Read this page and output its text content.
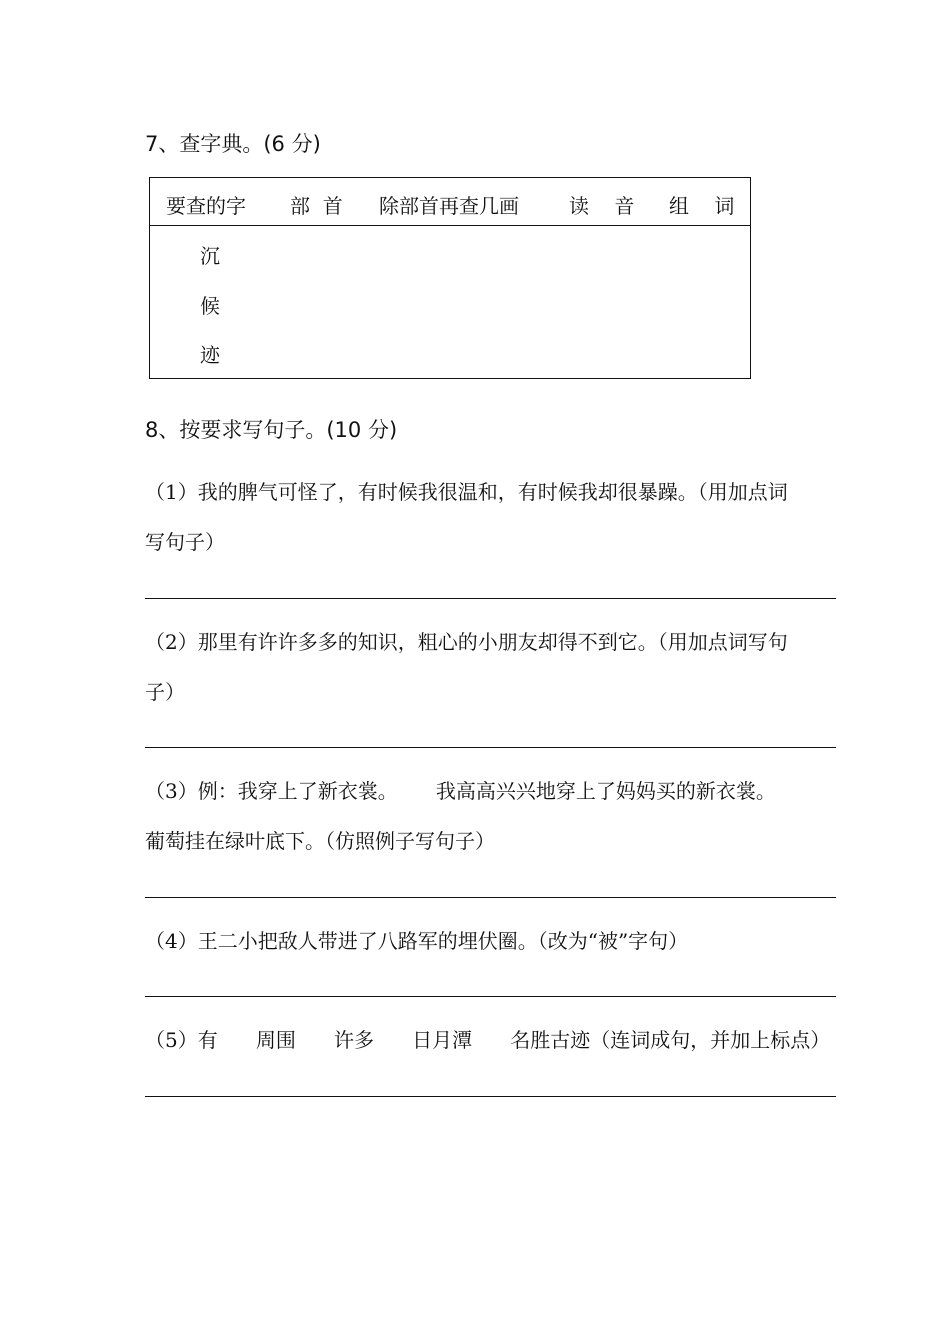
7、查字典。(6 分)
要查的字 部  首 除部首再查几画	读    音 组    词
沉
候
迹
8、按要求写句子。(10 分)
（1）我的脾气可怪了，有时候我很温和，有时候我却很暴躁。（用加点词
写句子）
（2）那里有许许多多的知识，粗心的小朋友却得不到它。（用加点词写句
子）
（3）例：我穿上了新衣裳。      我高高兴兴地穿上了妈妈买的新衣裳。
葡萄挂在绿叶底下。（仿照例子写句子）
（4）王二小把敌人带进了八路军的埋伏圈。（改为“被”字句）
（5）有      周围      许多      日月潭      名胜古迹（连词成句，并加上标点）
